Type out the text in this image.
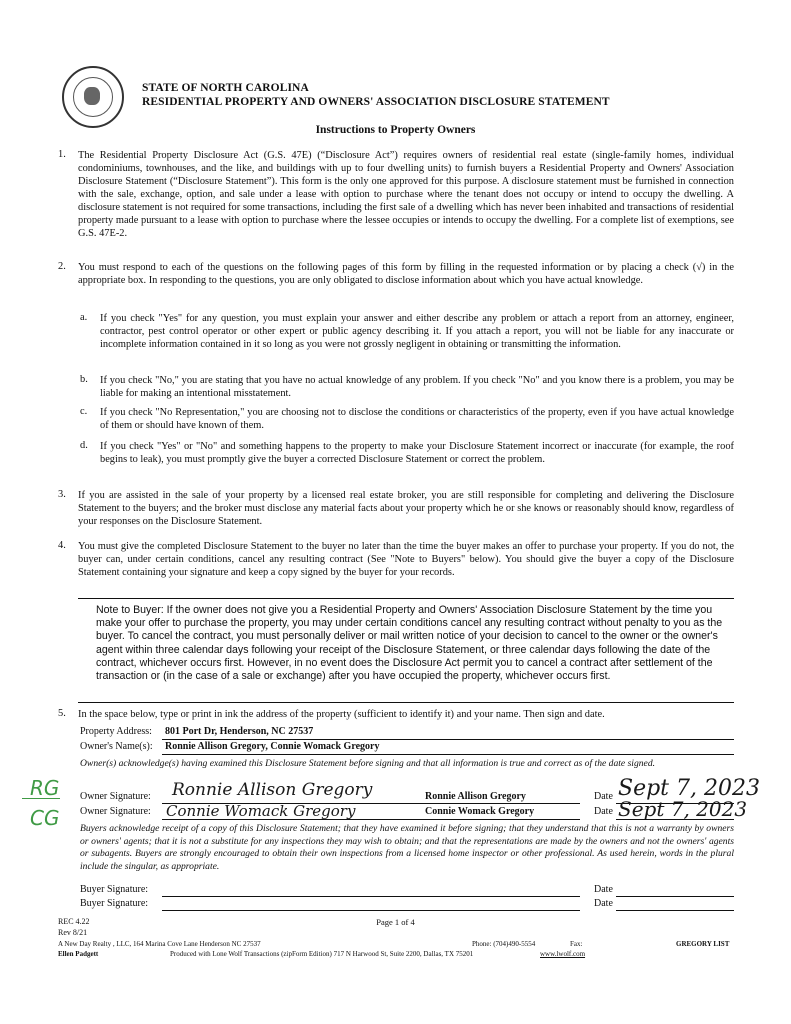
STATE OF NORTH CAROLINA
RESIDENTIAL PROPERTY AND OWNERS' ASSOCIATION DISCLOSURE STATEMENT
Instructions to Property Owners
1. The Residential Property Disclosure Act (G.S. 47E) (“Disclosure Act”) requires owners of residential real estate (single-family homes, individual condominiums, townhouses, and the like, and buildings with up to four dwelling units) to furnish buyers a Residential Property and Owners' Association Disclosure Statement (“Disclosure Statement”). This form is the only one approved for this purpose. A disclosure statement must be furnished in connection with the sale, exchange, option, and sale under a lease with option to purchase where the tenant does not occupy or intend to occupy the dwelling. A disclosure statement is not required for some transactions, including the first sale of a dwelling which has never been inhabited and transactions of residential property made pursuant to a lease with option to purchase where the lessee occupies or intends to occupy the dwelling. For a complete list of exemptions, see G.S. 47E-2.
2. You must respond to each of the questions on the following pages of this form by filling in the requested information or by placing a check (√) in the appropriate box. In responding to the questions, you are only obligated to disclose information about which you have actual knowledge.
a. If you check "Yes" for any question, you must explain your answer and either describe any problem or attach a report from an attorney, engineer, contractor, pest control operator or other expert or public agency describing it. If you attach a report, you will not be liable for any inaccurate or incomplete information contained in it so long as you were not grossly negligent in obtaining or transmitting the information.
b. If you check "No," you are stating that you have no actual knowledge of any problem. If you check "No" and you know there is a problem, you may be liable for making an intentional misstatement.
c. If you check "No Representation," you are choosing not to disclose the conditions or characteristics of the property, even if you have actual knowledge of them or should have known of them.
d. If you check "Yes" or "No" and something happens to the property to make your Disclosure Statement incorrect or inaccurate (for example, the roof begins to leak), you must promptly give the buyer a corrected Disclosure Statement or correct the problem.
3. If you are assisted in the sale of your property by a licensed real estate broker, you are still responsible for completing and delivering the Disclosure Statement to the buyers; and the broker must disclose any material facts about your property which he or she knows or reasonably should know, regardless of your responses on the Disclosure Statement.
4. You must give the completed Disclosure Statement to the buyer no later than the time the buyer makes an offer to purchase your property. If you do not, the buyer can, under certain conditions, cancel any resulting contract (See "Note to Buyers" below). You should give the buyer a copy of the Disclosure Statement containing your signature and keep a copy signed by the buyer for your records.
Note to Buyer: If the owner does not give you a Residential Property and Owners' Association Disclosure Statement by the time you make your offer to purchase the property, you may under certain conditions cancel any resulting contract without penalty to you as the buyer. To cancel the contract, you must personally deliver or mail written notice of your decision to cancel to the owner or the owner's agent within three calendar days following your receipt of the Disclosure Statement, or three calendar days following the date of the contract, whichever occurs first. However, in no event does the Disclosure Act permit you to cancel a contract after settlement of the transaction or (in the case of a sale or exchange) after you have occupied the property, whichever occurs first.
5. In the space below, type or print in ink the address of the property (sufficient to identify it) and your name. Then sign and date.
Property Address: 801 Port Dr, Henderson, NC 27537
Owner's Name(s): Ronnie Allison Gregory, Connie Womack Gregory
Owner(s) acknowledge(s) having examined this Disclosure Statement before signing and that all information is true and correct as of the date signed.
RG
CG
Owner Signature: Ronnie Allison Gregory	Ronnie Allison Gregory	Date Sept 7, 2023
Owner Signature: Connie Womack Gregory	Connie Womack Gregory	Date Sept 7, 2023
Buyers acknowledge receipt of a copy of this Disclosure Statement; that they have examined it before signing; that they understand that this is not a warranty by owners or owners' agents; that it is not a substitute for any inspections they may wish to obtain; and that the representations are made by the owners and not the owners' agents or subagents. Buyers are strongly encouraged to obtain their own inspections from a licensed home inspector or other professional. As used herein, words in the plural include the singular, as appropriate.
Buyer Signature:	Date
Buyer Signature:	Date
REC 4.22
Rev 8/21
Page 1 of 4
A New Day Realty , LLC, 164 Marina Cove Lane Henderson NC 27537
Ellen Padgett
Phone: (704)490-5554	Fax:	GREGORY LIST
Produced with Lone Wolf Transactions (zipForm Edition) 717 N Harwood St, Suite 2200, Dallas, TX 75201	www.lwolf.com
